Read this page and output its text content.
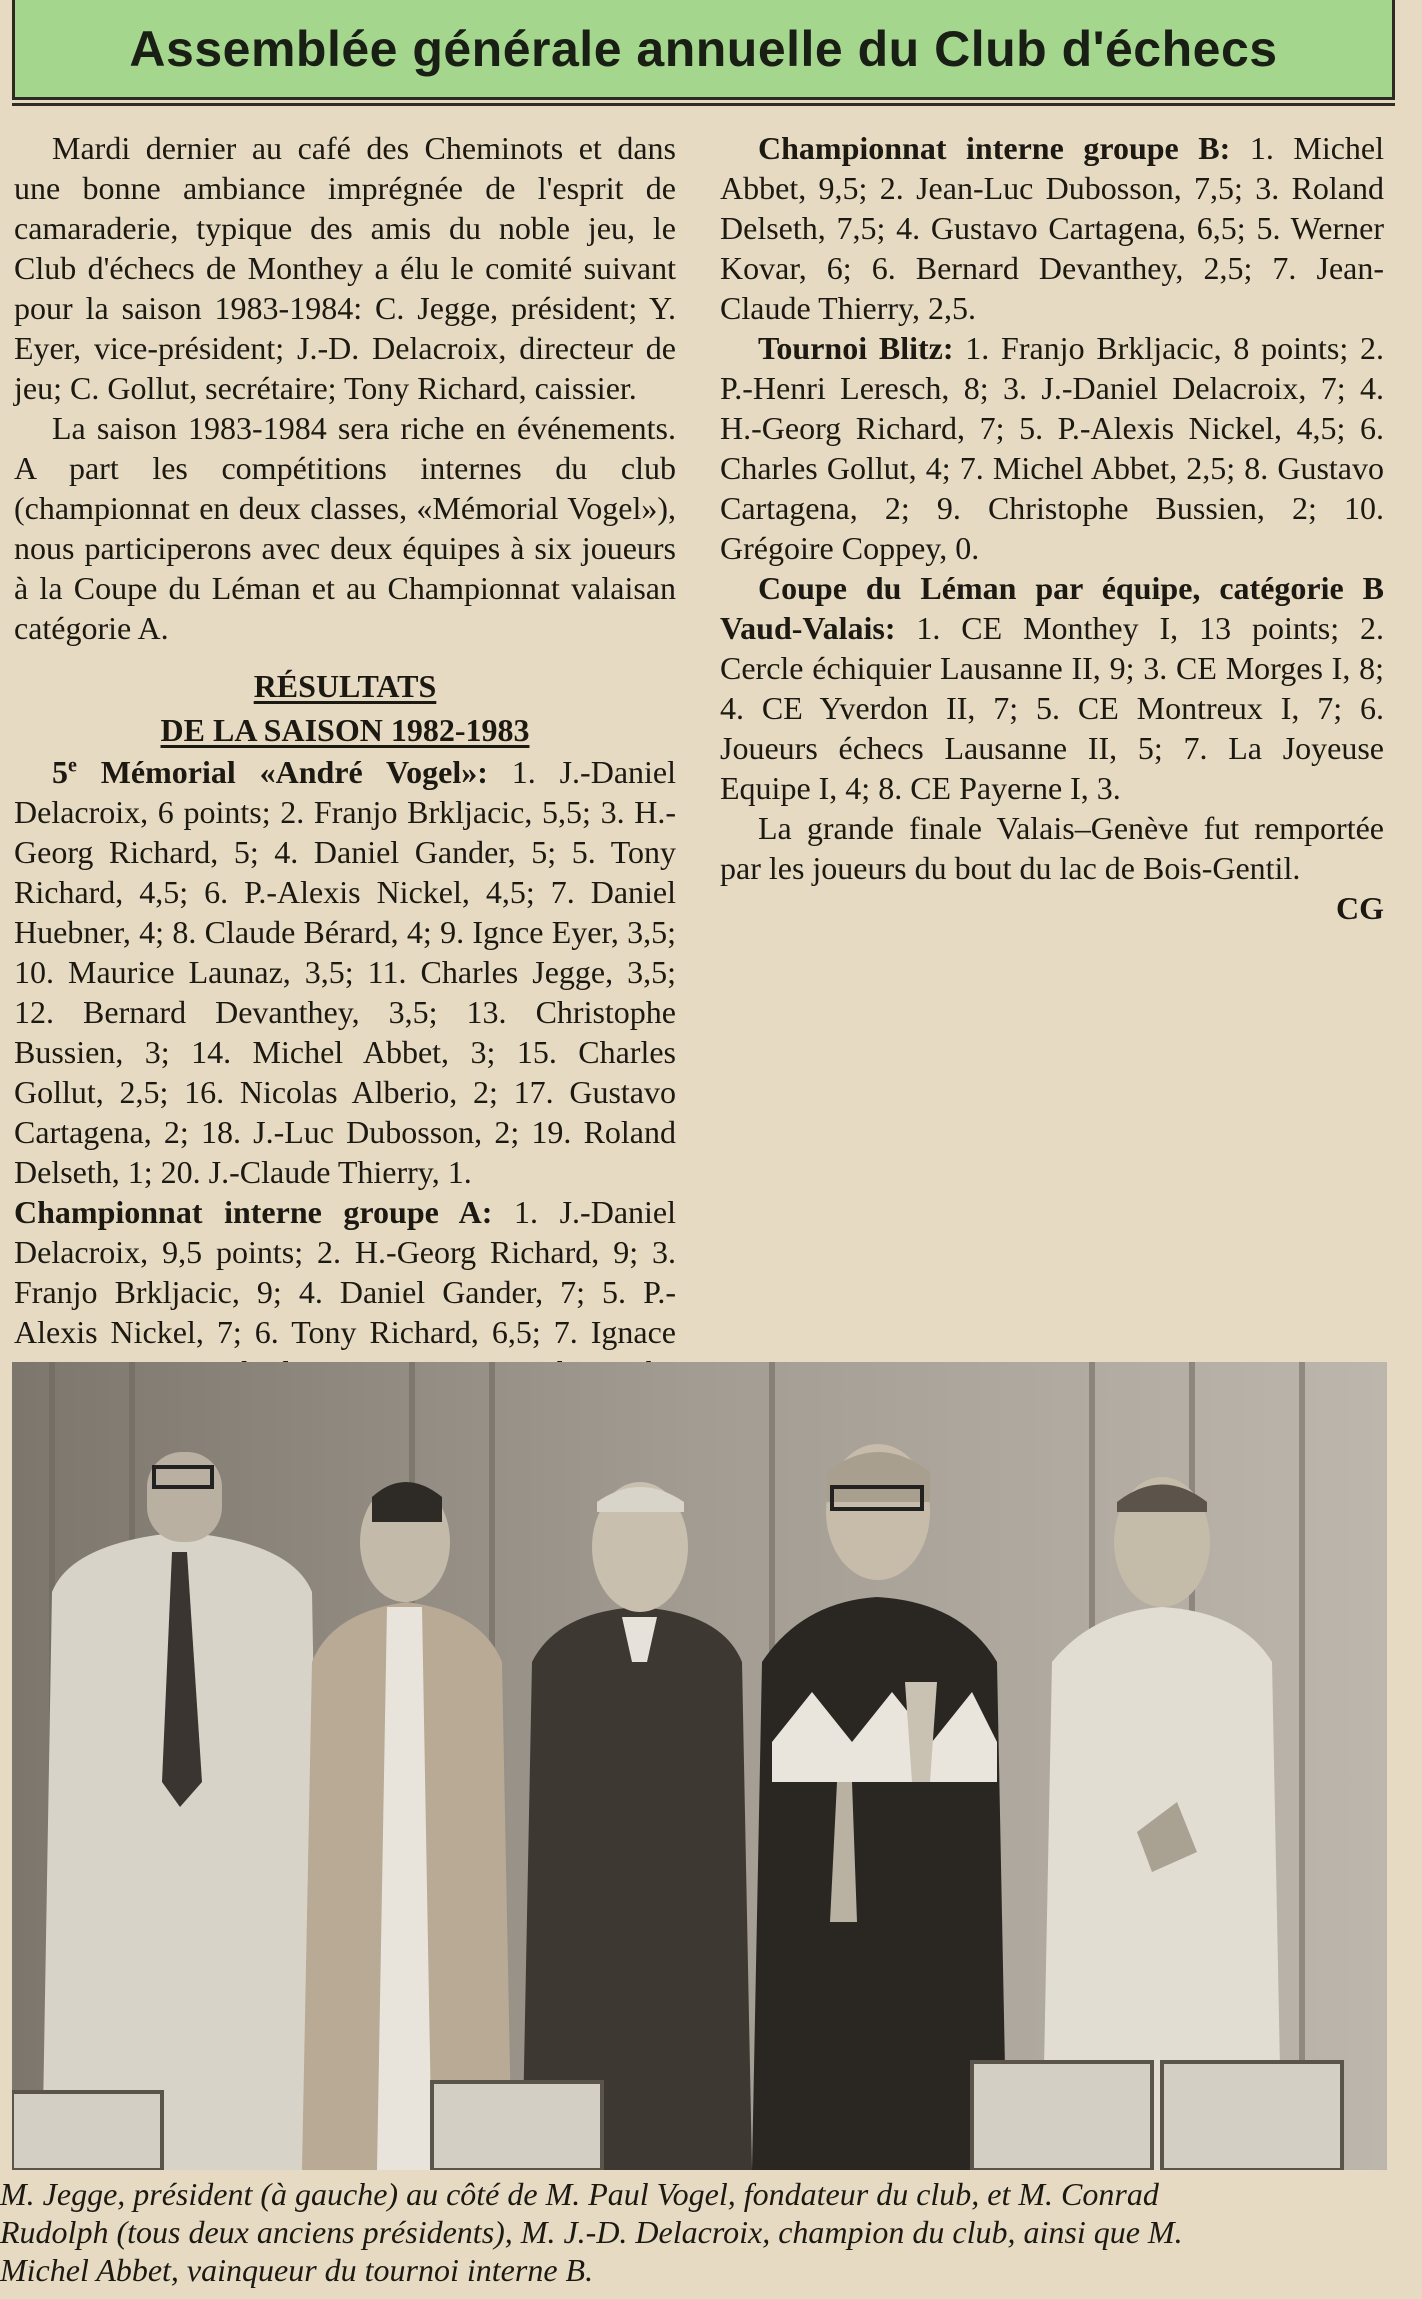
Assemblée générale annuelle du Club d'échecs

Mardi dernier au café des Cheminots et dans une bonne ambiance imprégnée de l'esprit de camaraderie, typique des amis du noble jeu, le Club d'échecs de Monthey a élu le comité suivant pour la saison 1983-1984: C. Jegge, président; Y. Eyer, vice-président; J.-D. Delacroix, directeur de jeu; C. Gollut, secrétaire; Tony Richard, caissier.

La saison 1983-1984 sera riche en événements. A part les compétitions internes du club (championnat en deux classes, «Mémorial Vogel»), nous participerons avec deux équipes à six joueurs à la Coupe du Léman et au Championnat valaisan catégorie A.

RÉSULTATS
DE LA SAISON 1982-1983

5e Mémorial «André Vogel»: 1. J.-Daniel Delacroix, 6 points; 2. Franjo Brkljacic, 5,5; 3. H.-Georg Richard, 5; 4. Daniel Gander, 5; 5. Tony Richard, 4,5; 6. P.-Alexis Nickel, 4,5; 7. Daniel Huebner, 4; 8. Claude Bérard, 4; 9. Ignce Eyer, 3,5; 10. Maurice Launaz, 3,5; 11. Charles Jegge, 3,5; 12. Bernard Devanthey, 3,5; 13. Christophe Bussien, 3; 14. Michel Abbet, 3; 15. Charles Gollut, 2,5; 16. Nicolas Alberio, 2; 17. Gustavo Cartagena, 2; 18. J.-Luc Dubosson, 2; 19. Roland Delseth, 1; 20. J.-Claude Thierry, 1.

Championnat interne groupe A: 1. J.-Daniel Delacroix, 9,5 points; 2. H.-Georg Richard, 9; 3. Franjo Brkljacic, 9; 4. Daniel Gander, 7; 5. P.-Alexis Nickel, 7; 6. Tony Richard, 6,5; 7. Ignace

Championnat interne groupe B: 1. Michel Abbet, 9,5; 2. Jean-Luc Dubosson, 7,5; 3. Roland Delseth, 7,5; 4. Gustavo Cartagena, 6,5; 5. Werner Kovar, 6; 6. Bernard Devanthey, 2,5; 7. Jean-Claude Thierry, 2,5.

Tournoi Blitz: 1. Franjo Brkljacic, 8 points; 2. P.-Henri Leresch, 8; 3. J.-Daniel Delacroix, 7; 4. H.-Georg Richard, 7; 5. P.-Alexis Nickel, 4,5; 6. Charles Gollut, 4; 7. Michel Abbet, 2,5; 8. Gustavo Cartagena, 2; 9. Christophe Bussien, 2; 10. Grégoire Coppey, 0.

Coupe du Léman par équipe, catégorie B Vaud-Valais: 1. CE Monthey I, 13 points; 2. Cercle échiquier Lausanne II, 9; 3. CE Morges I, 8; 4. CE Yverdon II, 7; 5. CE Montreux I, 7; 6. Joueurs échecs Lausanne II, 5; 7. La Joyeuse Equipe I, 4; 8. CE Payerne I, 3.

La grande finale Valais–Genève fut remportée par les joueurs du bout du lac de Bois-Gentil.

CG

M. Jegge, président (à gauche) au côté de M. Paul Vogel, fondateur du club, et M. Conrad

Rudolph (tous deux anciens présidents), M. J.-D. Delacroix, champion du club, ainsi que M.

Michel Abbet, vainqueur du tournoi interne B.
